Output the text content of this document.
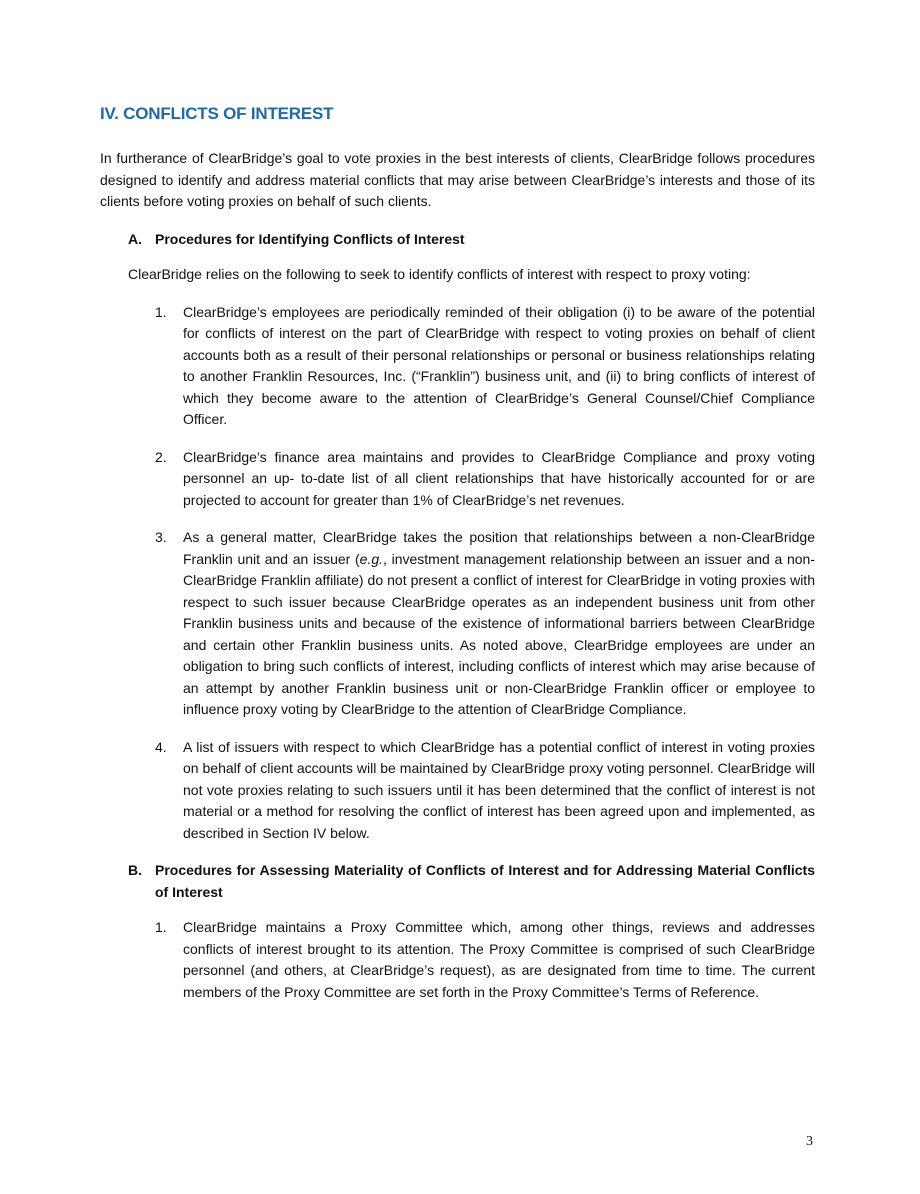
IV. CONFLICTS OF INTEREST

In furtherance of ClearBridge’s goal to vote proxies in the best interests of clients, ClearBridge follows procedures designed to identify and address material conflicts that may arise between ClearBridge’s interests and those of its clients before voting proxies on behalf of such clients.

A. Procedures for Identifying Conflicts of Interest

ClearBridge relies on the following to seek to identify conflicts of interest with respect to proxy voting:

1.	ClearBridge’s employees are periodically reminded of their obligation (i) to be aware of the potential for conflicts of interest on the part of ClearBridge with respect to voting proxies on behalf of client accounts both as a result of their personal relationships or personal or business relationships relating to another Franklin Resources, Inc. (“Franklin”) business unit, and (ii) to bring conflicts of interest of which they become aware to the attention of ClearBridge’s General Counsel/Chief Compliance Officer.
2.	ClearBridge’s finance area maintains and provides to ClearBridge Compliance and proxy voting personnel an up- to-date list of all client relationships that have historically accounted for or are projected to account for greater than 1% of ClearBridge’s net revenues.
3.	As a general matter, ClearBridge takes the position that relationships between a non-ClearBridge Franklin unit and an issuer (e.g., investment management relationship between an issuer and a non-ClearBridge Franklin affiliate) do not present a conflict of interest for ClearBridge in voting proxies with respect to such issuer because ClearBridge operates as an independent business unit from other Franklin business units and because of the existence of informational barriers between ClearBridge and certain other Franklin business units. As noted above, ClearBridge employees are under an obligation to bring such conflicts of interest, including conflicts of interest which may arise because of an attempt by another Franklin business unit or non-ClearBridge Franklin officer or employee to influence proxy voting by ClearBridge to the attention of ClearBridge Compliance.
4.	A list of issuers with respect to which ClearBridge has a potential conflict of interest in voting proxies on behalf of client accounts will be maintained by ClearBridge proxy voting personnel. ClearBridge will not vote proxies relating to such issuers until it has been determined that the conflict of interest is not material or a method for resolving the conflict of interest has been agreed upon and implemented, as described in Section IV below.
B. Procedures for Assessing Materiality of Conflicts of Interest and for Addressing Material Conflicts of Interest
1.	ClearBridge maintains a Proxy Committee which, among other things, reviews and addresses conflicts of interest brought to its attention. The Proxy Committee is comprised of such ClearBridge personnel (and others, at ClearBridge’s request), as are designated from time to time. The current members of the Proxy Committee are set forth in the Proxy Committee’s Terms of Reference.
3
